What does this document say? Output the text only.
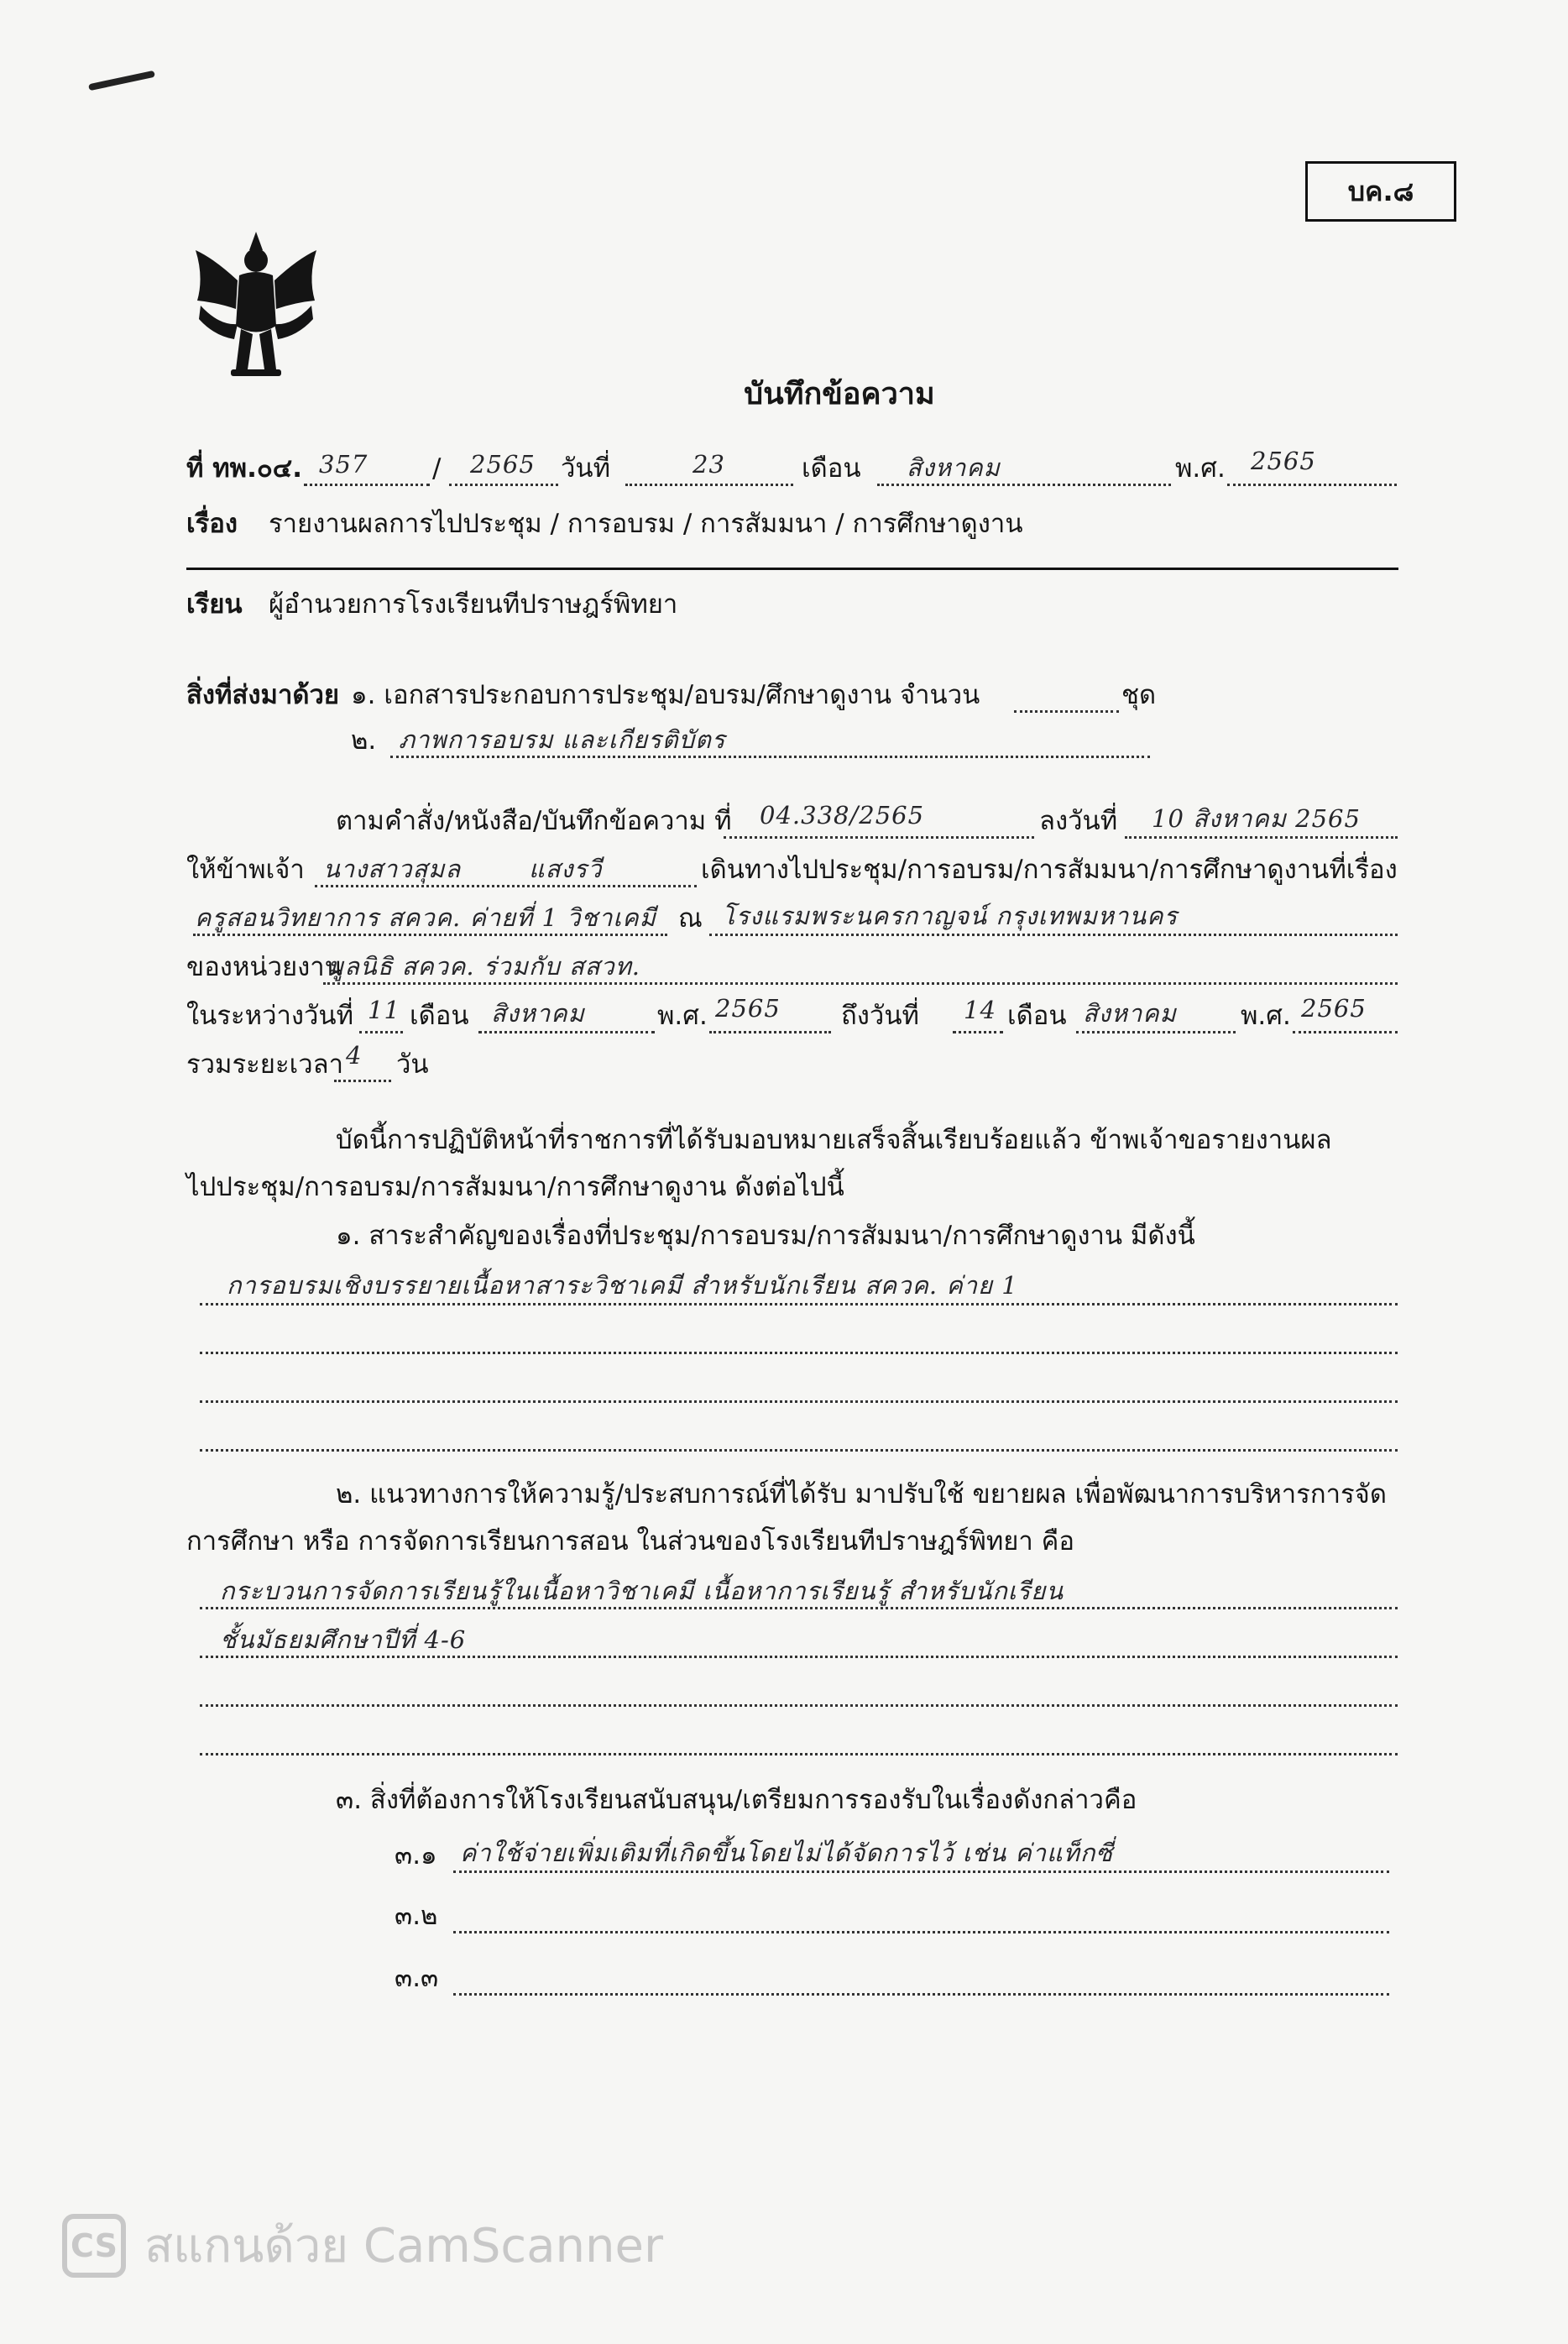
บค.๘
บันทึกข้อความ
ที่ ทพ.๐๔. 357 / 2565 วันที่	23	เดือน สิงหาคม	พ.ศ. 2565
เรื่อง รายงานผลการไปประชุม / การอบรม / การสัมมนา / การศึกษาดูงาน
เรียน ผู้อำนวยการโรงเรียนทีปราษฎร์พิทยา
สิ่งที่ส่งมาด้วย ๑. เอกสารประกอบการประชุม/อบรม/ศึกษาดูงาน จำนวน	ชุด
๒. ภาพการอบรม และเกียรติบัตร
ตามคำสั่ง/หนังสือ/บันทึกข้อความ ที่ 04.338/2565	ลงวันที่ 10 สิงหาคม 2565
ให้ข้าพเจ้า นางสาวสุมล	แสงรวี	เดินทางไปประชุม/การอบรม/การสัมมนา/การศึกษาดูงานที่เรื่อง
ครูสอนวิทยาการ สควค. ค่ายที่ 1 วิชาเคมี ณ โรงแรมพระนครกาญจน์ กรุงเทพมหานคร
ของหน่วยงาน
มูลนิธิ สควค. ร่วมกับ สสวท.
ในระหว่างวันที่ 11 เดือน สิงหาคม	พ.ศ. 2565 ถึงวันที่ 14 เดือน สิงหาคม พ.ศ. 2565
รวมระยะเวลา 4 วัน
บัดนี้การปฏิบัติหน้าที่ราชการที่ได้รับมอบหมายเสร็จสิ้นเรียบร้อยแล้ว ข้าพเจ้าขอรายงานผล
ไปประชุม/การอบรม/การสัมมนา/การศึกษาดูงาน ดังต่อไปนี้
๑. สาระสำคัญของเรื่องที่ประชุม/การอบรม/การสัมมนา/การศึกษาดูงาน มีดังนี้
การอบรมเชิงบรรยายเนื้อหาสาระวิชาเคมี สำหรับนักเรียน สควค. ค่าย 1
๒. แนวทางการให้ความรู้/ประสบการณ์ที่ได้รับ มาปรับใช้ ขยายผล เพื่อพัฒนาการบริหารการจัด
การศึกษา หรือ การจัดการเรียนการสอน ในส่วนของโรงเรียนทีปราษฎร์พิทยา คือ
กระบวนการจัดการเรียนรู้ในเนื้อหาวิชาเคมี เนื้อหาการเรียนรู้ สำหรับนักเรียน
ชั้นมัธยมศึกษาปีที่ 4-6
๓. สิ่งที่ต้องการให้โรงเรียนสนับสนุน/เตรียมการรองรับในเรื่องดังกล่าวคือ
๓.๑ ค่าใช้จ่ายเพิ่มเติมที่เกิดขึ้นโดยไม่ได้จัดการไว้ เช่น ค่าแท็กซี่
๓.๒
๓.๓
CS สแกนด้วย CamScanner
